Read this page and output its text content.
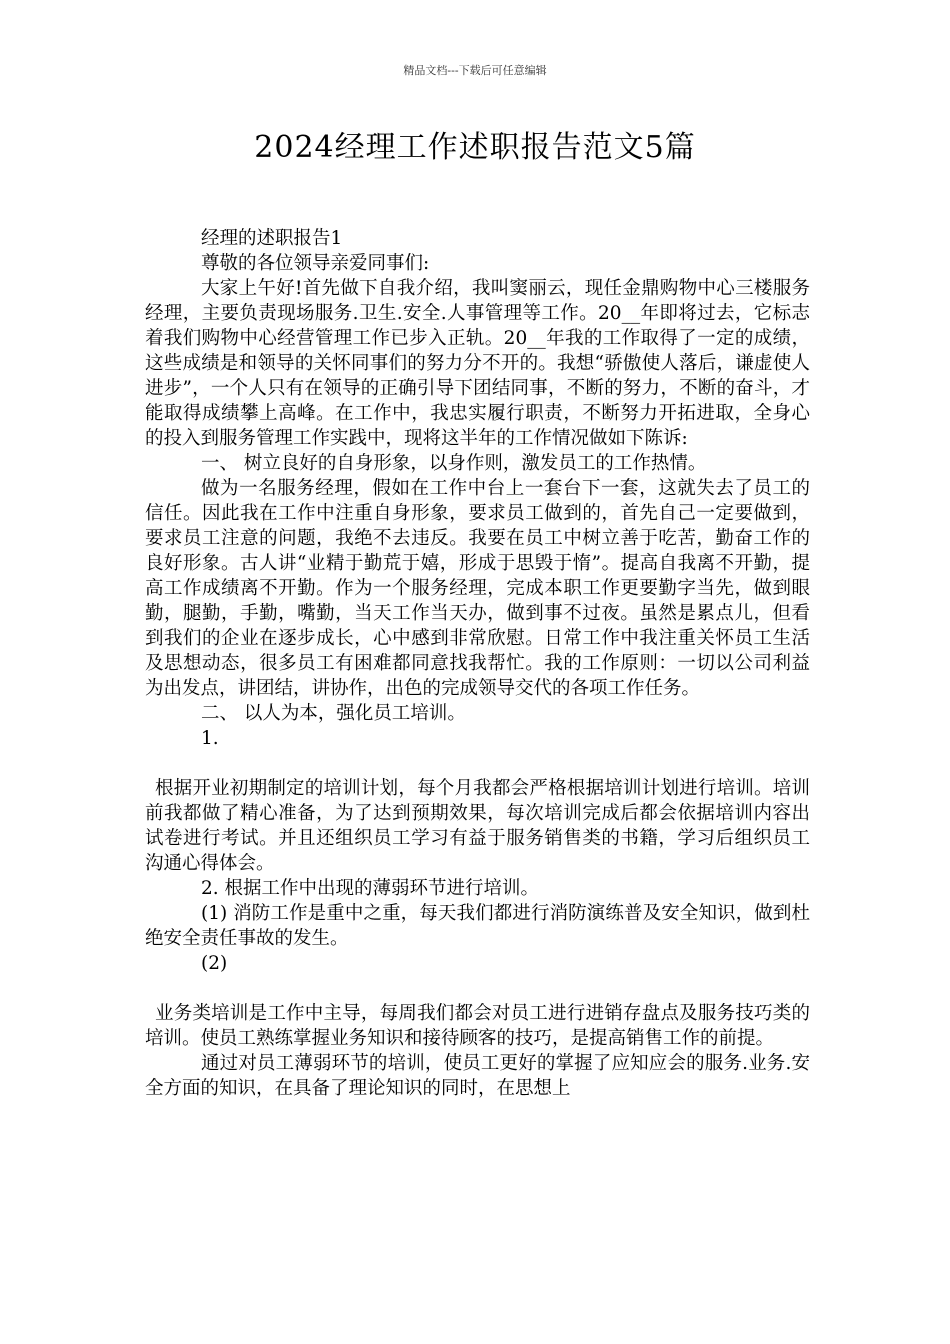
精品文档---下载后可任意编辑
2024经理工作述职报告范文5篇

经理的述职报告1

尊敬的各位领导亲爱同事们:

大家上午好!首先做下自我介绍，我叫窦丽云，现任金鼎购物中心三楼服务经理，主要负责现场服务.卫生.安全.人事管理等工作。20__年即将过去，它标志着我们购物中心经营管理工作已步入正轨。20__年我的工作取得了一定的成绩，这些成绩是和领导的关怀同事们的努力分不开的。我想“骄傲使人落后，谦虚使人进步”，一个人只有在领导的正确引导下团结同事，不断的努力，不断的奋斗，才能取得成绩攀上高峰。在工作中，我忠实履行职责，不断努力开拓进取，全身心的投入到服务管理工作实践中，现将这半年的工作情况做如下陈诉:

一、 树立良好的自身形象，以身作则，激发员工的工作热情。

做为一名服务经理，假如在工作中台上一套台下一套，这就失去了员工的信任。因此我在工作中注重自身形象，要求员工做到的，首先自己一定要做到，要求员工注意的问题，我绝不去违反。我要在员工中树立善于吃苦，勤奋工作的良好形象。古人讲“业精于勤荒于嬉，形成于思毁于惰”。提高自我离不开勤，提高工作成绩离不开勤。作为一个服务经理，完成本职工作更要勤字当先，做到眼勤，腿勤，手勤，嘴勤，当天工作当天办，做到事不过夜。虽然是累点儿，但看到我们的企业在逐步成长，心中感到非常欣慰。日常工作中我注重关怀员工生活及思想动态，很多员工有困难都同意找我帮忙。我的工作原则：一切以公司利益为出发点，讲团结，讲协作，出色的完成领导交代的各项工作任务。

二、 以人为本，强化员工培训。

1.

根据开业初期制定的培训计划，每个月我都会严格根据培训计划进行培训。培训前我都做了精心准备，为了达到预期效果，每次培训完成后都会依据培训内容出试卷进行考试。并且还组织员工学习有益于服务销售类的书籍，学习后组织员工沟通心得体会。

2. 根据工作中出现的薄弱环节进行培训。

(1) 消防工作是重中之重，每天我们都进行消防演练普及安全知识，做到杜绝安全责任事故的发生。

(2)

业务类培训是工作中主导，每周我们都会对员工进行进销存盘点及服务技巧类的培训。使员工熟练掌握业务知识和接待顾客的技巧，是提高销售工作的前提。

通过对员工薄弱环节的培训，使员工更好的掌握了应知应会的服务.业务.安全方面的知识，在具备了理论知识的同时，在思想上
